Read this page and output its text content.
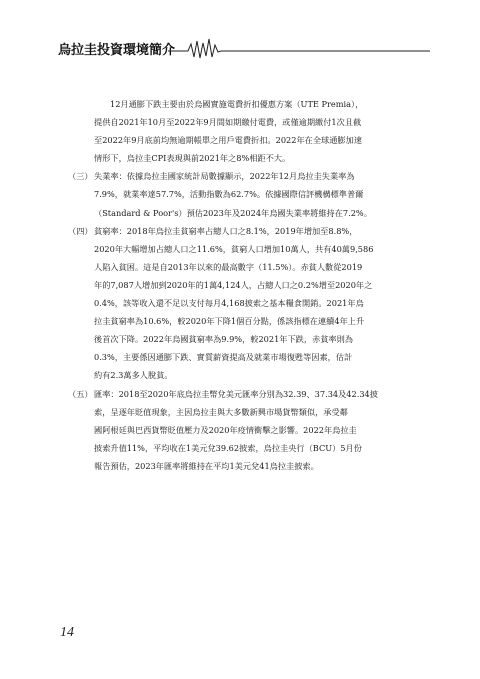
烏拉圭投資環境簡介
12月通膨下跌主要由於烏國實施電費折扣優惠方案（UTE Premia），
提供自2021年10月至2022年9月間如期繳付電費，或僅逾期繳付1次且截
至2022年9月底前均無逾期帳單之用戶電費折扣。2022年在全球通膨加速
情形下，烏拉圭CPI表現與前2021年之8%相距不大。
（三） 失業率：依據烏拉圭國家統計局數據顯示，2022年12月烏拉圭失業率為
7.9%，就業率達57.7%，活動指數為62.7%。依據國際信評機構標準普爾
（Standard & Poor's）預估2023年及2024年烏國失業率將維持在7.2%。
（四） 貧窮率：2018年烏拉圭貧窮率占總人口之8.1%，2019年增加至8.8%，
2020年大幅增加占總人口之11.6%，貧窮人口增加10萬人，共有40萬9,586
人陷入貧困。這是自2013年以來的最高數字（11.5%）。赤貧人數從2019
年的7,087人增加到2020年的1萬4,124人，占總人口之0.2%增至2020年之
0.4%，該等收入還不足以支付每月4,168披索之基本糧食開銷。2021年烏
拉圭貧窮率為10.6%，較2020年下降1個百分點，係該指標在連續4年上升
後首次下降。2022年烏國貧窮率為9.9%，較2021年下跌，赤貧率則為
0.3%，主要係因通膨下跌、實質薪資提高及就業市場復甦等因素，估計
約有2.3萬多人脫貧。
（五） 匯率：2018至2020年底烏拉圭幣兌美元匯率分別為32.39、37.34及42.34披
索，呈逐年貶值現象，主因烏拉圭與大多數新興市場貨幣類似，承受鄰
國阿根廷與巴西貨幣貶值壓力及2020年疫情衝擊之影響。2022年烏拉圭
披索升值11%，平均收在1美元兌39.62披索，烏拉圭央行（BCU）5月份
報告預估，2023年匯率將維持在平均1美元兌41烏拉圭披索。
14
